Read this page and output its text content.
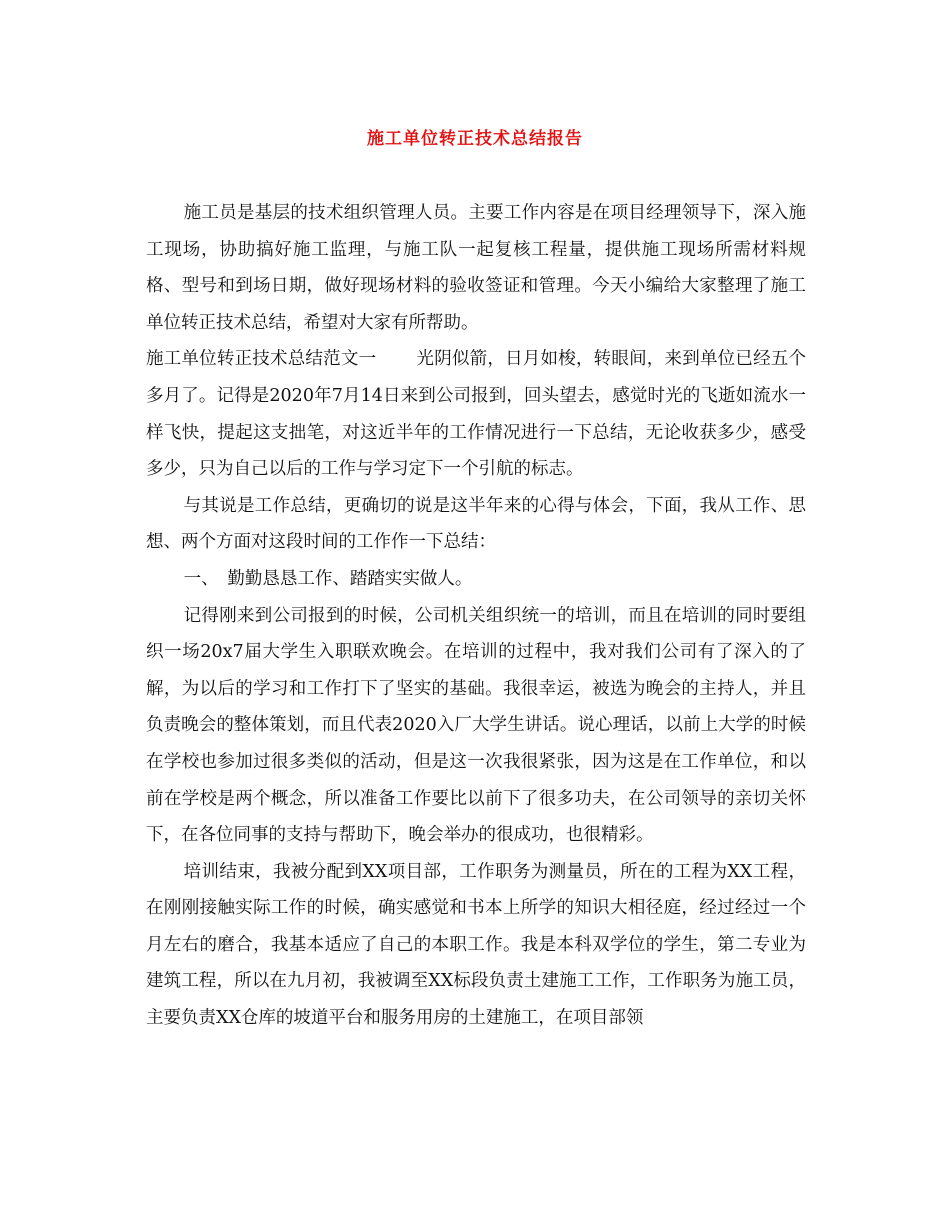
施工单位转正技术总结报告

施工员是基层的技术组织管理人员。主要工作内容是在项目经理领导下，深入施工现场，协助搞好施工监理，与施工队一起复核工程量，提供施工现场所需材料规格、型号和到场日期，做好现场材料的验收签证和管理。今天小编给大家整理了施工单位转正技术总结，希望对大家有所帮助。

施工单位转正技术总结范文一 光阴似箭，日月如梭，转眼间，来到单位已经五个多月了。记得是2020年7月14日来到公司报到，回头望去，感觉时光的飞逝如流水一样飞快，提起这支拙笔，对这近半年的工作情况进行一下总结，无论收获多少，感受多少，只为自己以后的工作与学习定下一个引航的标志。

与其说是工作总结，更确切的说是这半年来的心得与体会，下面，我从工作、思想、两个方面对这段时间的工作作一下总结：

一、　勤勤恳恳工作、踏踏实实做人。

记得刚来到公司报到的时候，公司机关组织统一的培训，而且在培训的同时要组织一场20x7届大学生入职联欢晚会。在培训的过程中，我对我们公司有了深入的了解，为以后的学习和工作打下了坚实的基础。我很幸运，被选为晚会的主持人，并且负责晚会的整体策划，而且代表2020入厂大学生讲话。说心理话，以前上大学的时候在学校也参加过很多类似的活动，但是这一次我很紧张，因为这是在工作单位，和以前在学校是两个概念，所以准备工作要比以前下了很多功夫，在公司领导的亲切关怀下，在各位同事的支持与帮助下，晚会举办的很成功，也很精彩。

培训结束，我被分配到XX项目部，工作职务为测量员，所在的工程为XX工程，在刚刚接触实际工作的时候，确实感觉和书本上所学的知识大相径庭，经过经过一个月左右的磨合，我基本适应了自己的本职工作。我是本科双学位的学生，第二专业为建筑工程，所以在九月初，我被调至XX标段负责土建施工工作，工作职务为施工员，主要负责XX仓库的坡道平台和服务用房的土建施工，在项目部领
